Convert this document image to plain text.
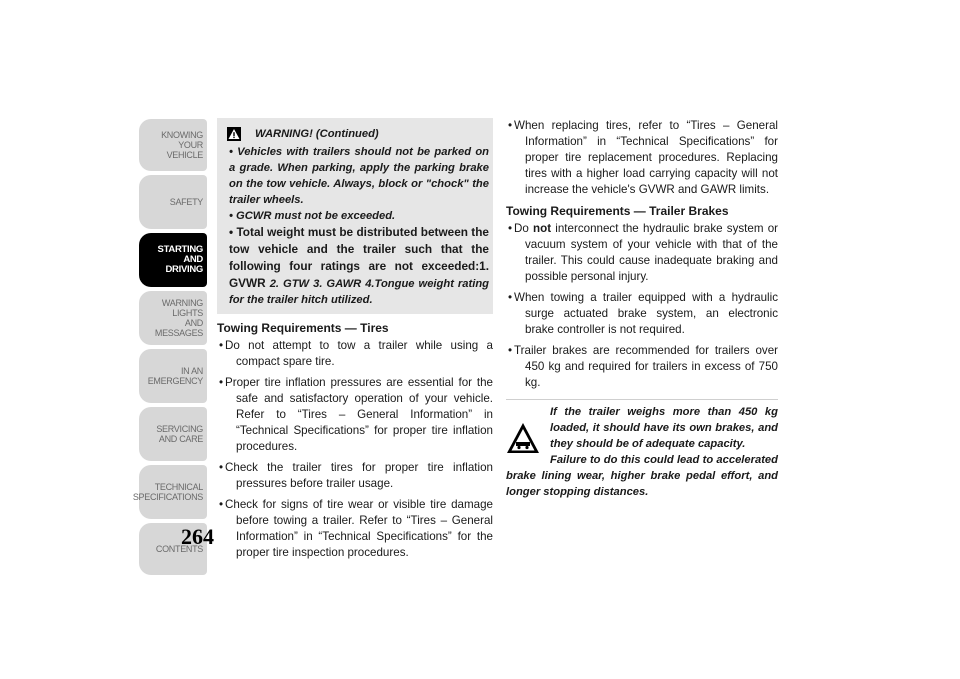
KNOWING
YOUR
VEHICLE
SAFETY
STARTING
AND
DRIVING
WARNING
LIGHTS
AND
MESSAGES
IN AN
EMERGENCY
SERVICING
AND CARE
TECHNICAL
SPECIFICATIONS
CONTENTS
264
WARNING! (Continued)
• Vehicles with trailers should not be parked on a grade. When parking, apply the parking brake on the tow vehicle. Always, block or "chock" the trailer wheels.
• GCWR must not be exceeded.
• Total weight must be distributed between the tow vehicle and the trailer such that the following four ratings are not exceeded:1. GVWR 2. GTW 3. GAWR 4.Tongue weight rating for the trailer hitch utilized.
Towing Requirements — Tires
• Do not attempt to tow a trailer while using a compact spare tire.
• Proper tire inflation pressures are essential for the safe and satisfactory operation of your vehicle. Refer to “Tires – General Information” in “Technical Specifications” for proper tire inflation procedures.
• Check the trailer tires for proper tire inflation pressures before trailer usage.
• Check for signs of tire wear or visible tire damage before towing a trailer. Refer to “Tires – General Information” in “Technical Specifications” for the proper tire inspection procedures.
• When replacing tires, refer to “Tires – General Information” in “Technical Specifications” for proper tire replacement procedures. Replacing tires with a higher load carrying capacity will not increase the vehicle's GVWR and GAWR limits.
Towing Requirements — Trailer Brakes
• Do not interconnect the hydraulic brake system or vacuum system of your vehicle with that of the trailer. This could cause inadequate braking and possible personal injury.
• When towing a trailer equipped with a hydraulic surge actuated brake system, an electronic brake controller is not required.
• Trailer brakes are recommended for trailers over 450 kg and required for trailers in excess of 750 kg.
If the trailer weighs more than 450 kg loaded, it should have its own brakes, and they should be of adequate capacity.
Failure to do this could lead to accelerated brake lining wear, higher brake pedal effort, and longer stopping distances.
